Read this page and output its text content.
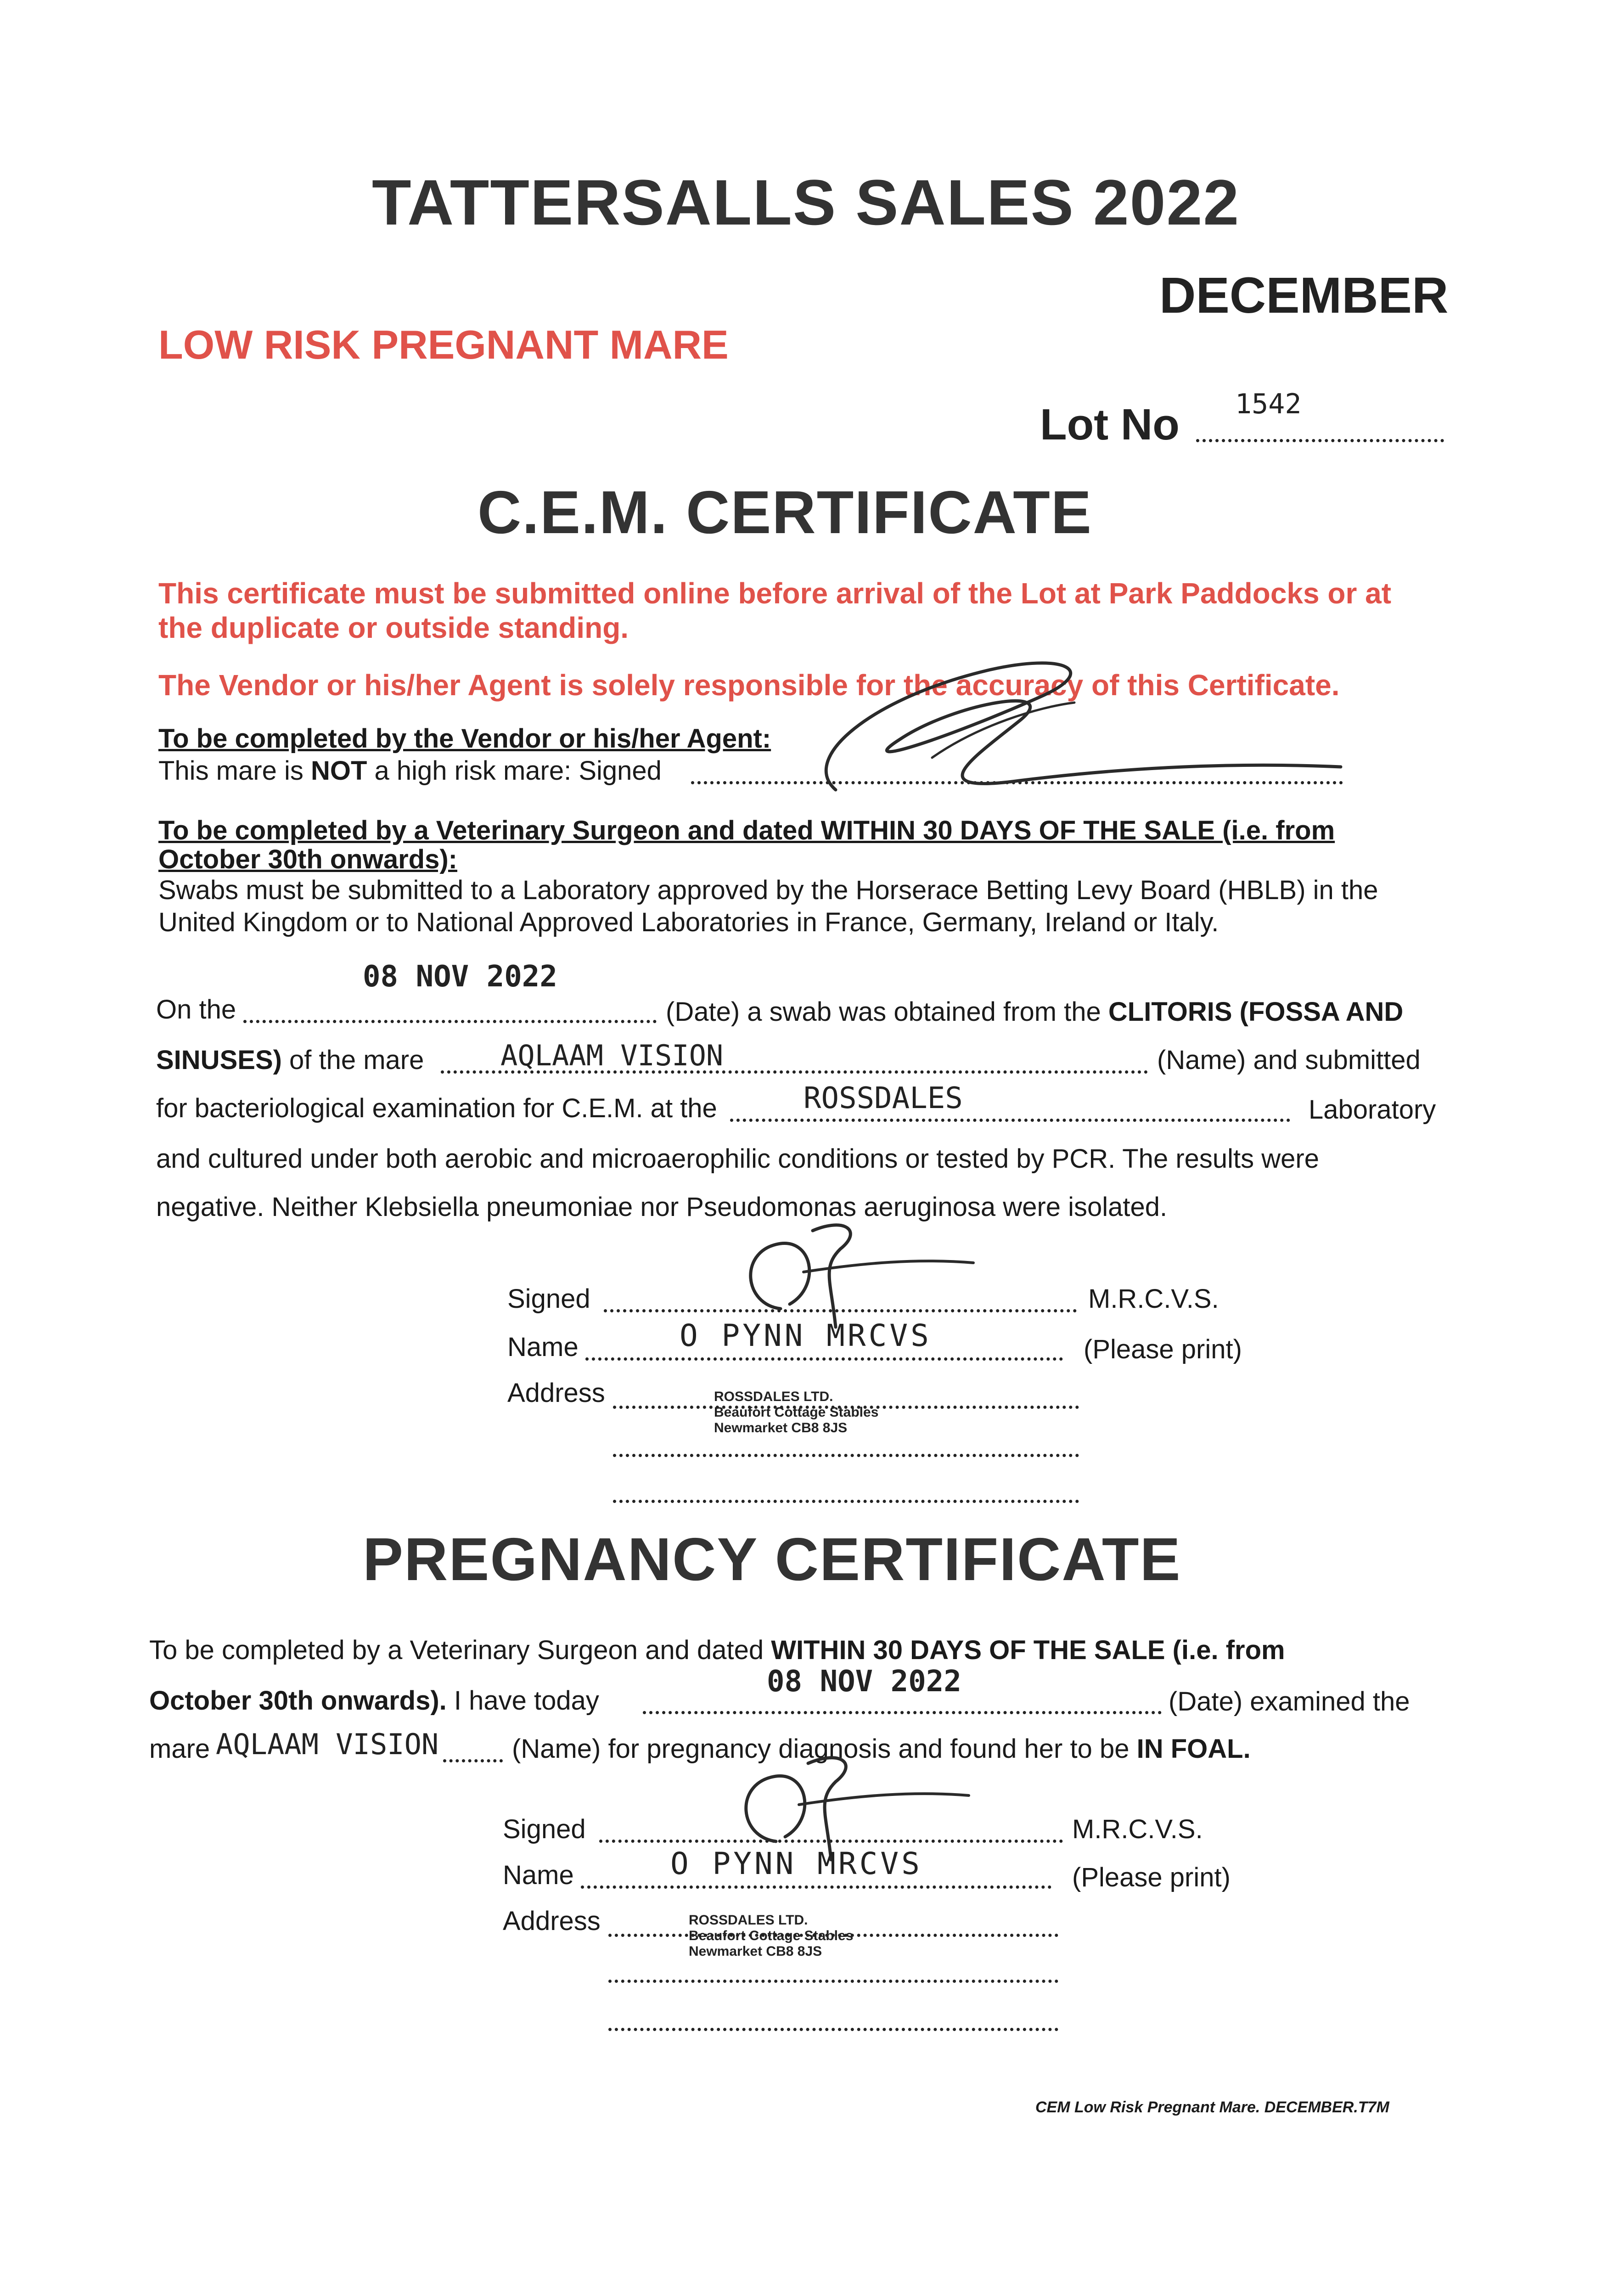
TATTERSALLS SALES 2022
DECEMBER
LOW RISK PREGNANT MARE
Lot No 1542
C.E.M. CERTIFICATE
This certificate must be submitted online before arrival of the Lot at Park Paddocks or at
the duplicate or outside standing.
The Vendor or his/her Agent is solely responsible for the accuracy of this Certificate.
To be completed by the Vendor or his/her Agent:
This mare is NOT a high risk mare: Signed
To be completed by a Veterinary Surgeon and dated WITHIN 30 DAYS OF THE SALE (i.e. from
October 30th onwards):
Swabs must be submitted to a Laboratory approved by the Horserace Betting Levy Board (HBLB) in the
United Kingdom or to National Approved Laboratories in France, Germany, Ireland or Italy.
08 NOV 2022
On the	(Date) a swab was obtained from the CLITORIS (FOSSA AND
SINUSES) of the mare	AQLAAM VISION	(Name) and submitted
for bacteriological examination for C.E.M. at the	ROSSDALES	Laboratory
and cultured under both aerobic and microaerophilic conditions or tested by PCR. The results were
negative. Neither Klebsiella pneumoniae nor Pseudomonas aeruginosa were isolated.
Signed	M.R.C.V.S.
Name	O PYNN MRCVS	(Please print)
Address	ROSSDALES LTD.
Beaufort Cottage Stables
Newmarket CB8 8JS
PREGNANCY CERTIFICATE
To be completed by a Veterinary Surgeon and dated WITHIN 30 DAYS OF THE SALE (i.e. from
08 NOV 2022
October 30th onwards). I have today	(Date) examined the
mare AQLAAM VISION	(Name) for pregnancy diagnosis and found her to be IN FOAL.
Signed	M.R.C.V.S.
Name	O PYNN MRCVS	(Please print)
Address	ROSSDALES LTD.
Beaufort Cottage Stables
Newmarket CB8 8JS
CEM Low Risk Pregnant Mare. DECEMBER.T7M
